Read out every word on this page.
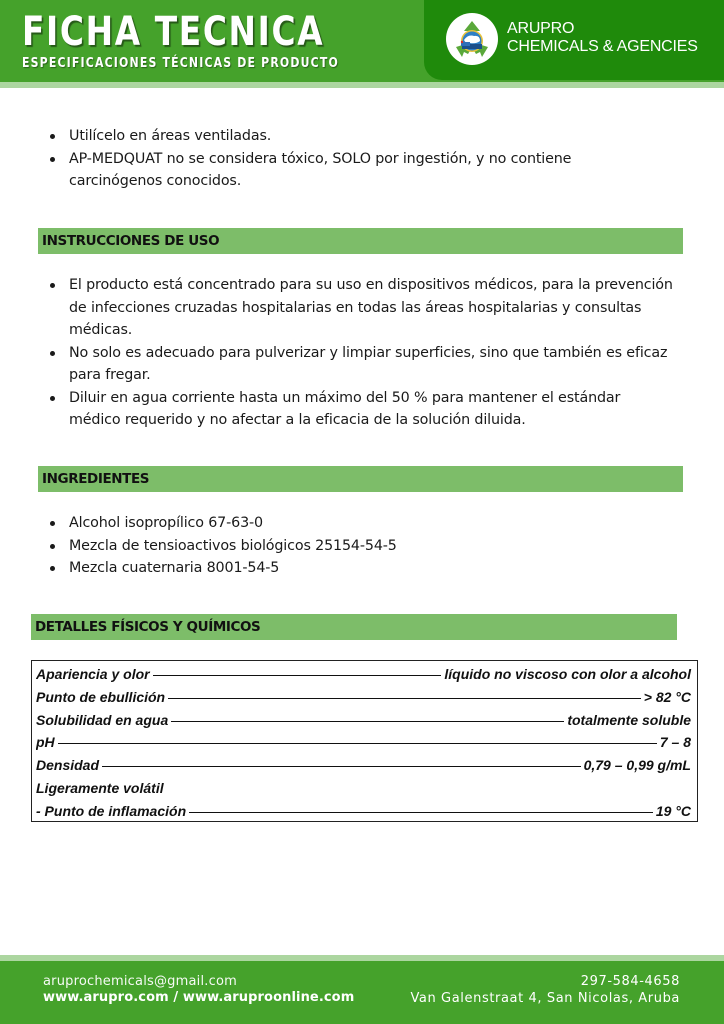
FICHA TECNICA
ESPECIFICACIONES TÉCNICAS DE PRODUCTO
ARUPRO
CHEMICALS & AGENCIES
Utilícelo en áreas ventiladas.
AP-MEDQUAT no se considera tóxico, SOLO por ingestión, y no contiene carcinógenos conocidos.
INSTRUCCIONES DE USO
El producto está concentrado para su uso en dispositivos médicos, para la prevención de infecciones cruzadas hospitalarias en todas las áreas hospitalarias y consultas médicas.
No solo es adecuado para pulverizar y limpiar superficies, sino que también es eficaz para fregar.
Diluir en agua corriente hasta un máximo del 50 % para mantener el estándar médico requerido y no afectar a la eficacia de la solución diluida.
INGREDIENTES
Alcohol isopropílico 67-63-0
Mezcla de tensioactivos biológicos 25154-54-5
Mezcla cuaternaria 8001-54-5
DETALLES FÍSICOS Y QUÍMICOS
Apariencia y olor	líquido no viscoso con olor a alcohol
Punto de ebullición	> 82 °C
Solubilidad en agua	totalmente soluble
pH	7 – 8
Densidad	0,79 – 0,99 g/mL
Ligeramente volátil
- Punto de inflamación	19 °C
aruprochemicals@gmail.com
www.arupro.com / www.aruproonline.com
297-584-4658
Van Galenstraat 4, San Nicolas, Aruba
